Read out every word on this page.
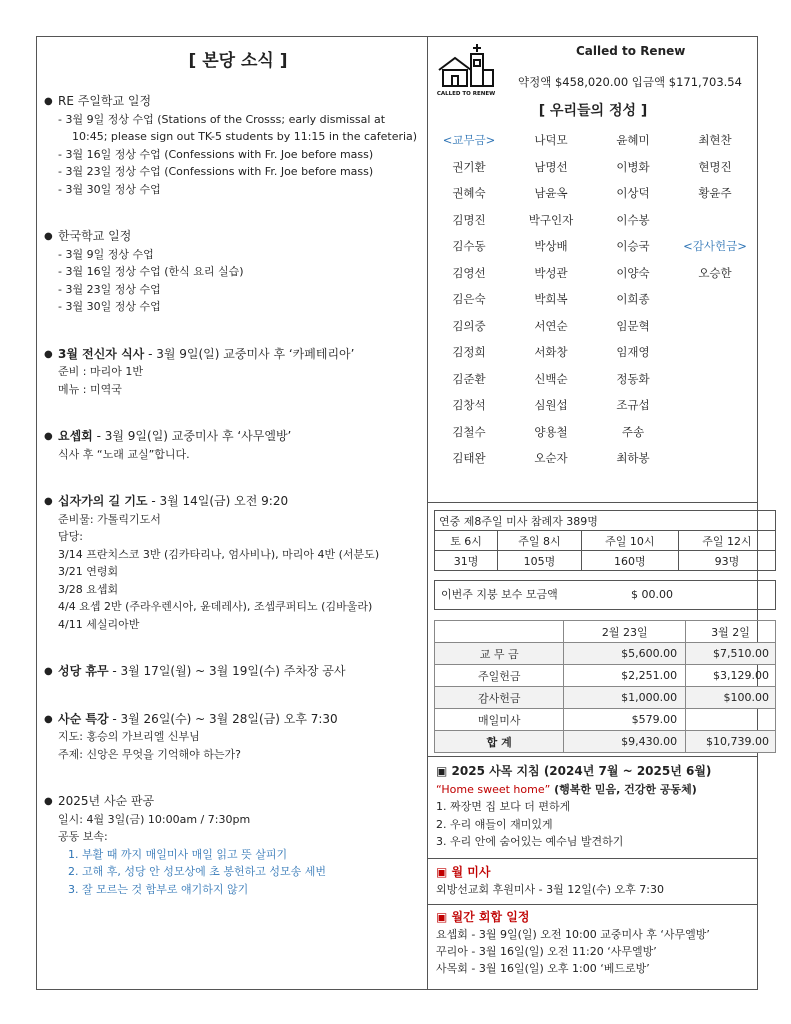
[ 본당 소식 ]
● RE 주일학교 일정
- 3월 9일 정상 수업 (Stations of the Crosss; early dismissal at
10:45; please sign out TK-5 students by 11:15 in the cafeteria)
- 3월 16일 정상 수업 (Confessions with Fr. Joe before mass)
- 3월 23일 정상 수업 (Confessions with Fr. Joe before mass)
- 3월 30일 정상 수업
● 한국학교 일정
- 3월 9일 정상 수업
- 3월 16일 정상 수업 (한식 요리 실습)
- 3월 23일 정상 수업
- 3월 30일 정상 수업
● 3월 전신자 식사 - 3월 9일(일) 교중미사 후 ‘카페테리아’
준비 : 마리아 1반
메뉴 : 미역국
● 요셉회 - 3월 9일(일) 교중미사 후 ‘사무엘방’
식사 후 “노래 교실”합니다.
● 십자가의 길 기도 - 3월 14일(금) 오전 9:20
준비물: 가톨릭기도서
담당:
3/14 프란치스코 3반 (김카타리나, 엄사비나), 마리아 4반 (서분도)
3/21 연령회
3/28 요셉회
4/4 요셉 2반 (주라우렌시아, 윤데레사), 조셉쿠퍼티노 (김바울라)
4/11 세실리아반
● 성당 휴무 - 3월 17일(월) ~ 3월 19일(수) 주차장 공사
● 사순 특강 - 3월 26일(수) ~ 3월 28일(금) 오후 7:30
지도: 홍승의 가브리엘 신부님
주제: 신앙은 무엇을 기억해야 하는가?
● 2025년 사순 판공
일시: 4월 3일(금) 10:00am / 7:30pm
공동 보속:
1. 부활 때 까지 매일미사 매일 읽고 뜻 살피기
2. 고해 후, 성당 안 성모상에 초 봉헌하고 성모송 세번
3. 잘 모르는 것 함부로 얘기하지 않기
CALLED TO RENEW
Called to Renew
약정액 $458,020.00 입금액 $171,703.54
[ 우리들의 정성 ]
<교무금>	나덕모	윤혜미	최현찬
권기환	남명선	이병화	현명진
권혜숙	남윤옥	이상덕	황윤주
김명진	박구인자	이수봉
김수동	박상배	이승국	<감사헌금>
김영선	박성관	이양숙	오승한
김은숙	박희복	이희종
김의중	서연순	임문혁
김정희	서화창	임재영
김준환	신백순	정동화
김창석	심원섭	조규섭
김철수	양용철	주송
김태완	오순자	최하봉
연중 제8주일 미사 참례자 389명			
토 6시	주일 8시	주일 10시	주일 12시
31명	105명	160명	93명
이번주 지붕 보수 모금액	$ 00.00
	2월 23일	3월 2일
교 무 금	$5,600.00	$7,510.00
주일헌금	$2,251.00	$3,129.00
감사헌금	$1,000.00	$100.00
매일미사	$579.00	
합 계	$9,430.00	$10,739.00
▣ 2025 사목 지침 (2024년 7월 ~ 2025년 6월)
“Home sweet home” (행복한 믿음, 건강한 공동체)
1. 짜장면 집 보다 더 편하게
2. 우리 얘들이 재미있게
3. 우리 안에 숨어있는 예수님 발견하기
▣ 월 미사
외방선교회 후원미사 - 3월 12일(수) 오후 7:30
▣ 월간 회합 일정
요셉회 - 3월 9일(일) 오전 10:00 교중미사 후 ‘사무엘방’
꾸리아 - 3월 16일(일) 오전 11:20 ‘사무엘방’
사목회 - 3월 16일(일) 오후 1:00 ‘베드로방’
